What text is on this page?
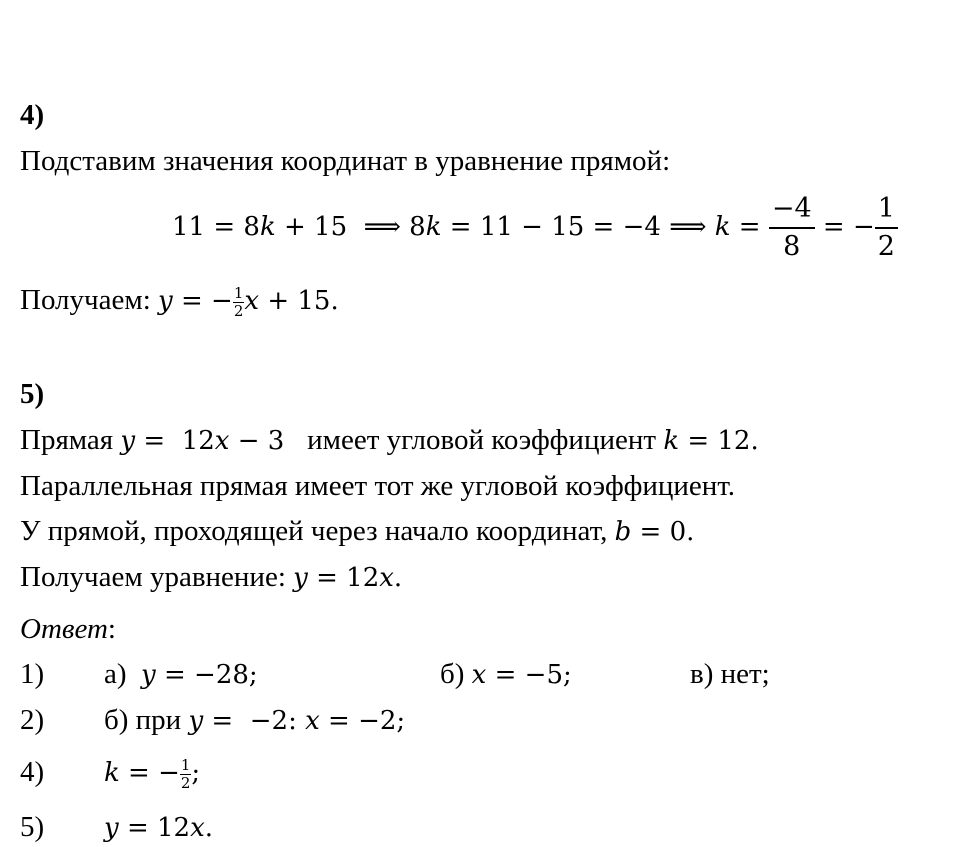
4)
Подставим значения координат в уравнение прямой:
11 = 8k + 15  ⟹ 8k = 11 − 15 = −4 ⟹ $k = \frac{-4}{8}$ = − $\frac{1}{2}$
Получаем: y = − $\frac{1}{2}$ x + 15.
5)
Прямая y =  12x − 3   имеет угловой коэффициент k = 12.
Параллельная прямая имеет тот же угловой коэффициент.
У прямой, проходящей через начало координат, b = 0.
Получаем уравнение: y = 12x.
Ответ:
1) а)  y = −28;	б) x = −5;	в) нет;
2) б) при y =  −2: x = −2;
4) k = − $\frac{1}{2}$ ;
5) y = 12x.
